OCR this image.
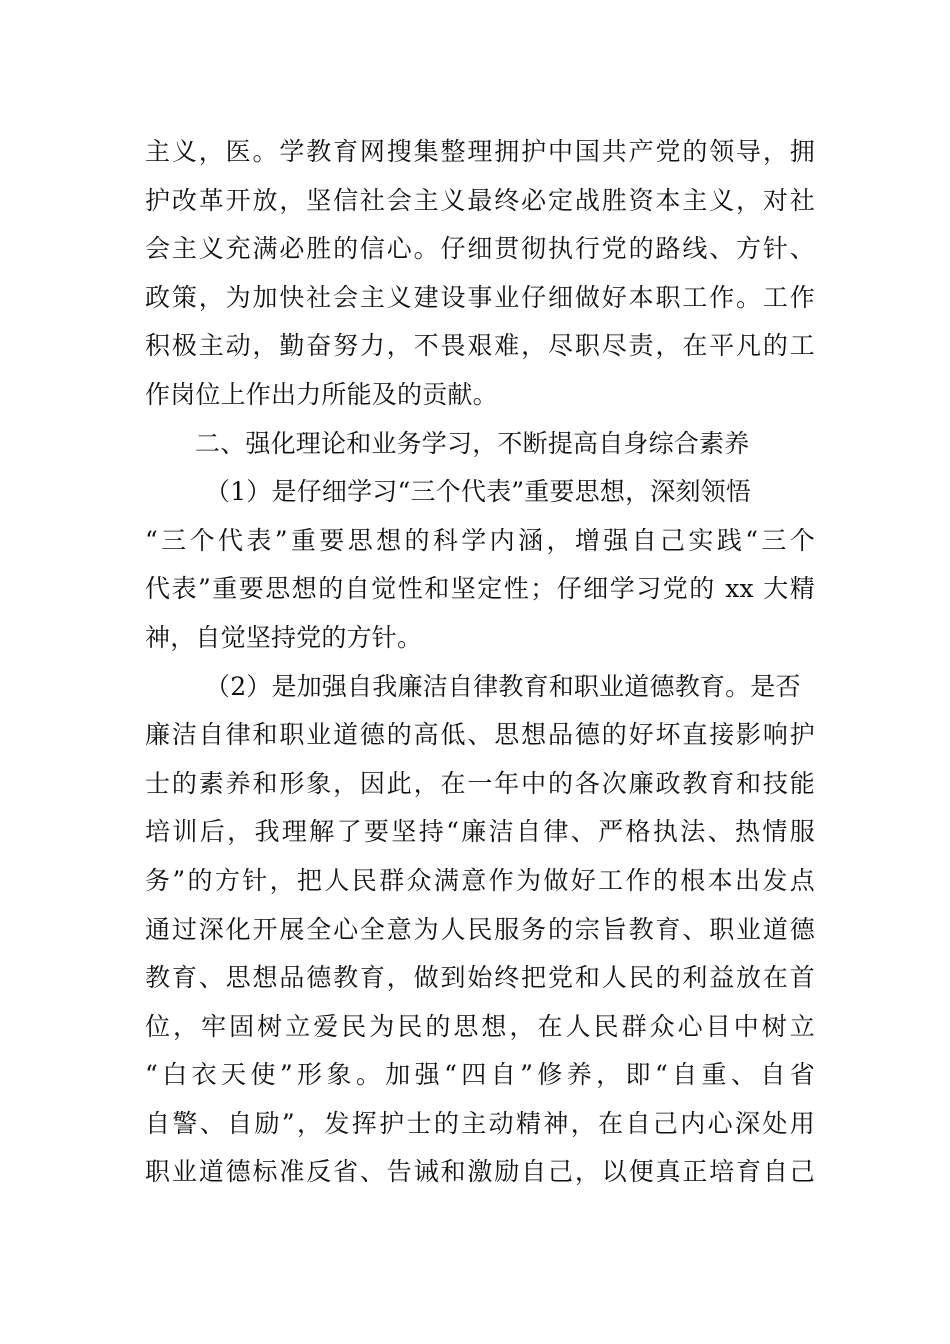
主义，医。学教育网搜集整理拥护中国共产党的领导，拥
护改革开放，坚信社会主义最终必定战胜资本主义，对社
会主义充满必胜的信心。仔细贯彻执行党的路线、方针、
政策，为加快社会主义建设事业仔细做好本职工作。工作
积极主动，勤奋努力，不畏艰难，尽职尽责，在平凡的工
作岗位上作出力所能及的贡献。
二、强化理论和业务学习，不断提高自身综合素养
（1）是仔细学习“三个代表”重要思想，深刻领悟
“三个代表”重要思想的科学内涵，增强自己实践“三个
代表”重要思想的自觉性和坚定性；仔细学习党的 xx 大精
神，自觉坚持党的方针。
（2）是加强自我廉洁自律教育和职业道德教育。是否
廉洁自律和职业道德的高低、思想品德的好坏直接影响护
士的素养和形象，因此，在一年中的各次廉政教育和技能
培训后，我理解了要坚持“廉洁自律、严格执法、热情服
务”的方针，把人民群众满意作为做好工作的根本出发点
通过深化开展全心全意为人民服务的宗旨教育、职业道德
教育、思想品德教育，做到始终把党和人民的利益放在首
位，牢固树立爱民为民的思想，在人民群众心目中树立
“白衣天使”形象。加强“四自”修养，即“自重、自省
自警、自励”，发挥护士的主动精神，在自己内心深处用
职业道德标准反省、告诫和激励自己，以便真正培育自己
